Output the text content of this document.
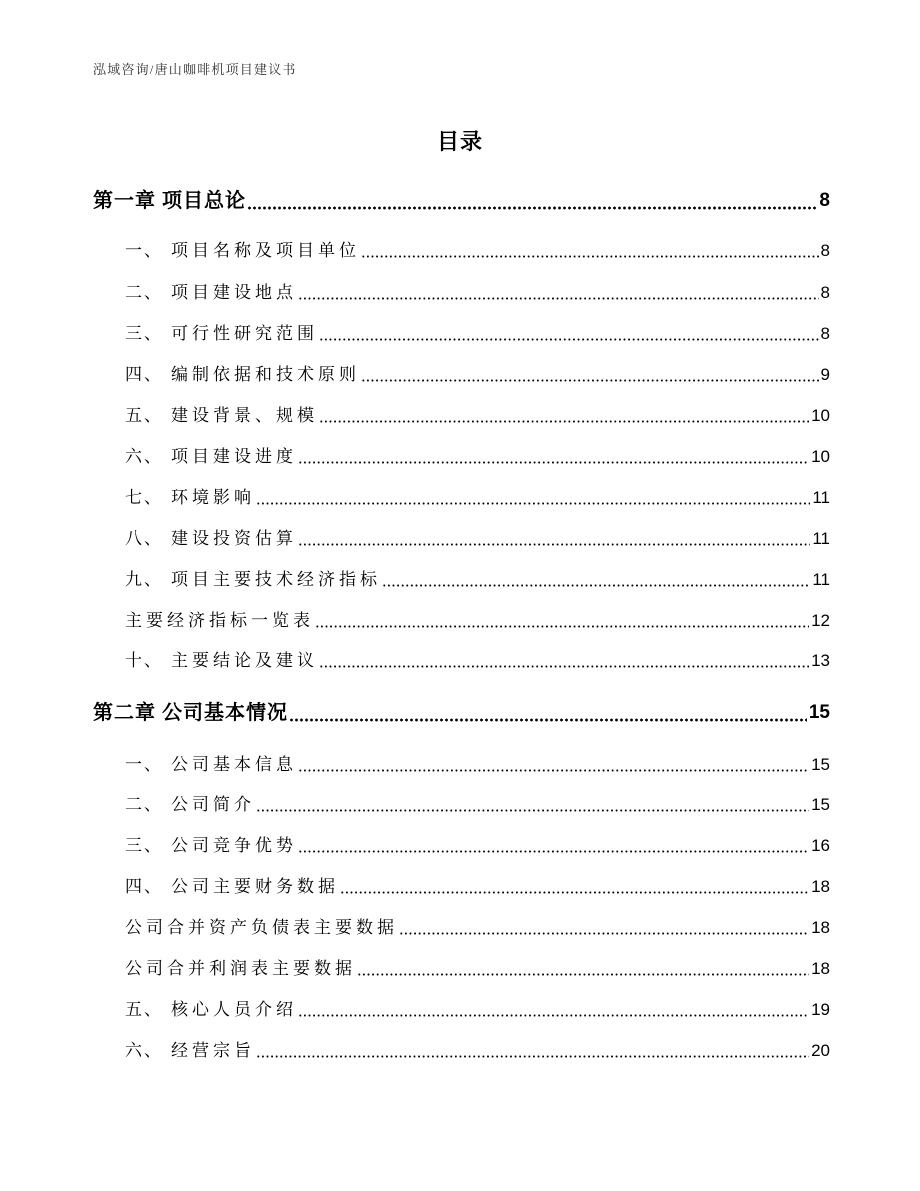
泓域咨询/唐山咖啡机项目建议书
目录
第一章 项目总论	8
一、 项目名称及项目单位	8
二、 项目建设地点	8
三、 可行性研究范围	8
四、 编制依据和技术原则	9
五、 建设背景、规模	10
六、 项目建设进度	10
七、 环境影响	11
八、 建设投资估算	11
九、 项目主要技术经济指标	11
主要经济指标一览表	12
十、 主要结论及建议	13
第二章 公司基本情况	15
一、 公司基本信息	15
二、 公司简介	15
三、 公司竞争优势	16
四、 公司主要财务数据	18
公司合并资产负债表主要数据	18
公司合并利润表主要数据	18
五、 核心人员介绍	19
六、 经营宗旨	20
